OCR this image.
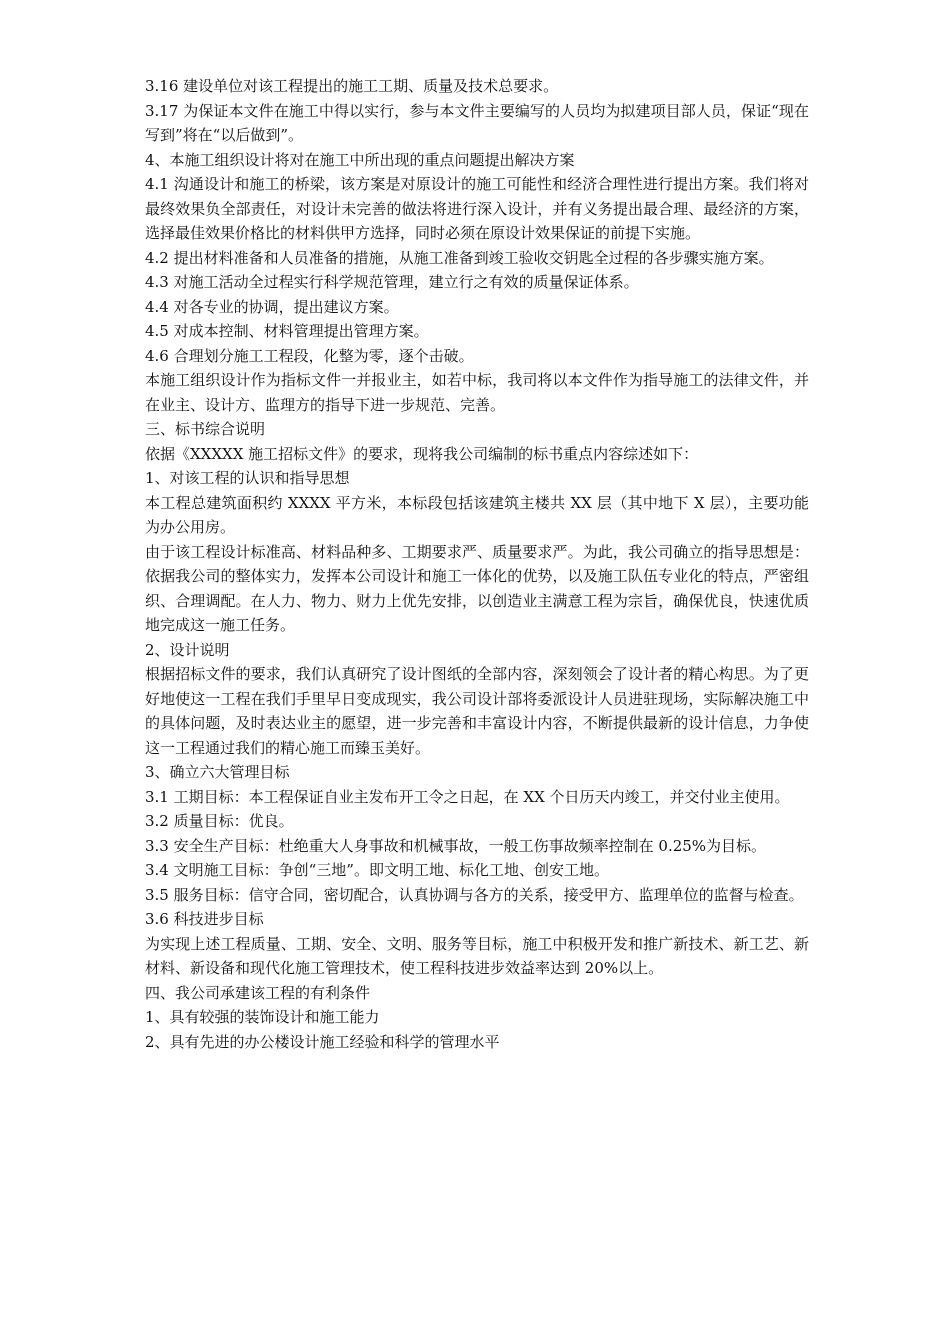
3.16 建设单位对该工程提出的施工工期、质量及技术总要求。

3.17 为保证本文件在施工中得以实行，参与本文件主要编写的人员均为拟建项目部人员，保证“现在写到”将在“以后做到”。

4、本施工组织设计将对在施工中所出现的重点问题提出解决方案

4.1 沟通设计和施工的桥梁，该方案是对原设计的施工可能性和经济合理性进行提出方案。我们将对最终效果负全部责任，对设计未完善的做法将进行深入设计，并有义务提出最合理、最经济的方案，选择最佳效果价格比的材料供甲方选择，同时必须在原设计效果保证的前提下实施。

4.2 提出材料准备和人员准备的措施，从施工准备到竣工验收交钥匙全过程的各步骤实施方案。

4.3 对施工活动全过程实行科学规范管理，建立行之有效的质量保证体系。

4.4 对各专业的协调，提出建议方案。

4.5 对成本控制、材料管理提出管理方案。

4.6 合理划分施工工程段，化整为零，逐个击破。

本施工组织设计作为指标文件一并报业主，如若中标，我司将以本文件作为指导施工的法律文件，并在业主、设计方、监理方的指导下进一步规范、完善。

三、标书综合说明

依据《XXXXX 施工招标文件》的要求，现将我公司编制的标书重点内容综述如下：

1、对该工程的认识和指导思想

本工程总建筑面积约 XXXX 平方米，本标段包括该建筑主楼共 XX 层（其中地下 X 层），主要功能为办公用房。

由于该工程设计标准高、材料品种多、工期要求严、质量要求严。为此，我公司确立的指导思想是：依据我公司的整体实力，发挥本公司设计和施工一体化的优势，以及施工队伍专业化的特点，严密组织、合理调配。在人力、物力、财力上优先安排，以创造业主满意工程为宗旨，确保优良，快速优质地完成这一施工任务。

2、设计说明

根据招标文件的要求，我们认真研究了设计图纸的全部内容，深刻领会了设计者的精心构思。为了更好地使这一工程在我们手里早日变成现实，我公司设计部将委派设计人员进驻现场，实际解决施工中的具体问题，及时表达业主的愿望，进一步完善和丰富设计内容，不断提供最新的设计信息，力争使这一工程通过我们的精心施工而臻玉美好。

3、确立六大管理目标

3.1 工期目标：本工程保证自业主发布开工令之日起，在 XX 个日历天内竣工，并交付业主使用。

3.2 质量目标：优良。

3.3 安全生产目标：杜绝重大人身事故和机械事故，一般工伤事故频率控制在 0.25%为目标。

3.4 文明施工目标：争创“三地”。即文明工地、标化工地、创安工地。

3.5 服务目标：信守合同，密切配合，认真协调与各方的关系，接受甲方、监理单位的监督与检查。

3.6 科技进步目标

为实现上述工程质量、工期、安全、文明、服务等目标，施工中积极开发和推广新技术、新工艺、新材料、新设备和现代化施工管理技术，使工程科技进步效益率达到 20%以上。

四、我公司承建该工程的有利条件

1、具有较强的装饰设计和施工能力

2、具有先进的办公楼设计施工经验和科学的管理水平
